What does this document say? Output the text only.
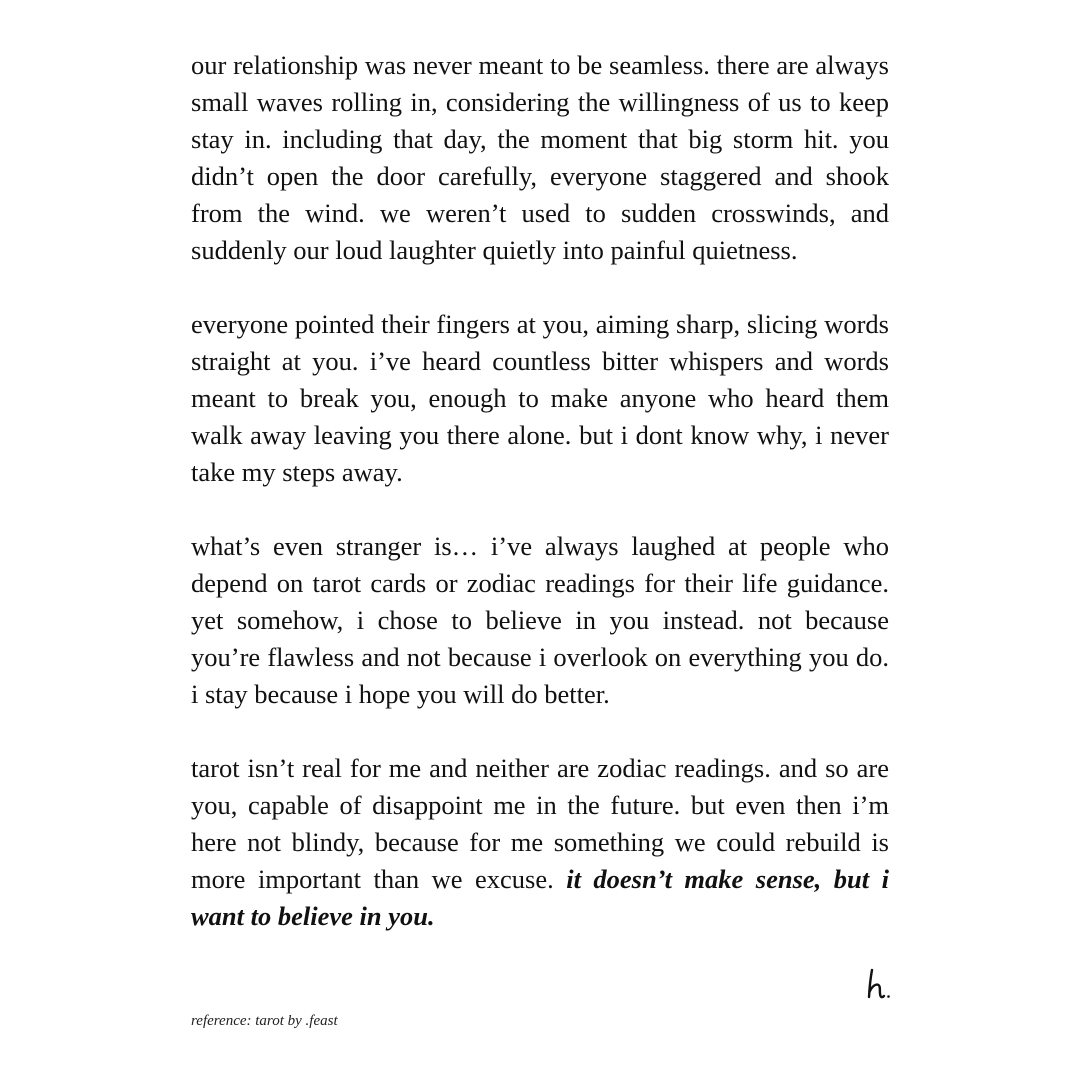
our relationship was never meant to be seamless. there are always small waves rolling in, considering the willingness of us to keep stay in. including that day, the moment that big storm hit. you didn’t open the door carefully, everyone staggered and shook from the wind. we weren’t used to sudden crosswinds, and suddenly our loud laughter quietly into painful quietness.

everyone pointed their fingers at you, aiming sharp, slicing words straight at you. i’ve heard countless bitter whispers and words meant to break you, enough to make anyone who heard them walk away leaving you there alone. but i dont know why, i never take my steps away.

what’s even stranger is… i’ve always laughed at people who depend on tarot cards or zodiac readings for their life guidance. yet somehow, i chose to believe in you instead. not because you’re flawless and not because i overlook on everything you do. i stay because i hope you will do better.

tarot isn’t real for me and neither are zodiac readings. and so are you, capable of disappoint me in the future. but even then i’m here not blindy, because for me something we could rebuild is more important than we excuse. it doesn’t make sense, but i want to believe in you.

reference: tarot by .feast
